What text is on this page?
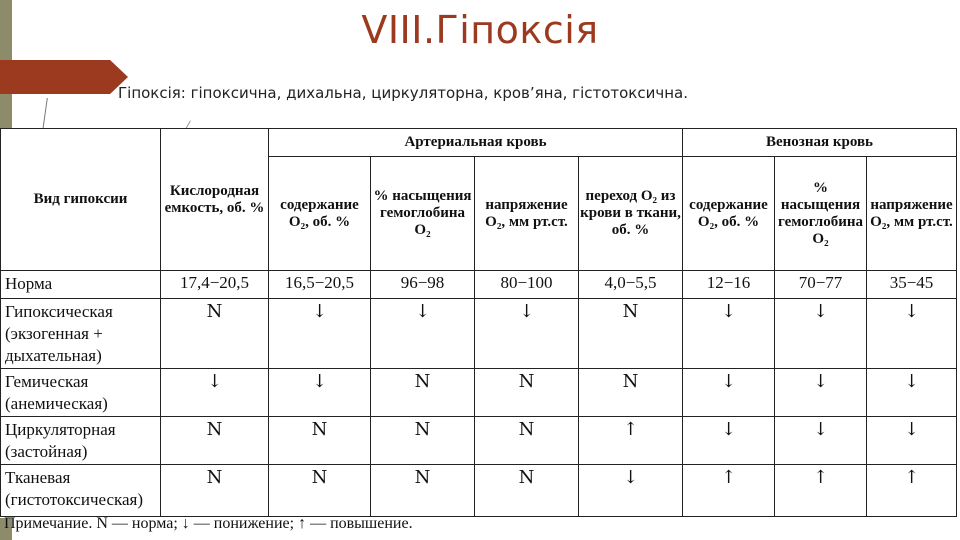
VIII.Гіпоксія
Гіпоксія: гіпоксична, дихальна, циркуляторна, кров’яна, гістотоксична.
Вид гипоксии	Кислородная емкость, об. %	Артериальная кровь				Венозная кровь		
		содержание O₂, об. %	% насыщения гемоглобина O₂	напряжение O₂, мм рт.ст.	переход O₂ из крови в ткани, об. %	содержание O₂, об. %	% насыщения гемоглобина O₂	напряжение O₂, мм рт.ст.
Норма	17,4−20,5	16,5−20,5	96−98	80−100	4,0−5,5	12−16	70−77	35−45
Гипоксическая (экзогенная + дыхательная)	N	↓	↓	↓	N	↓	↓	↓
Гемическая (анемическая)	↓	↓	N	N	N	↓	↓	↓
Циркуляторная (застойная)	N	N	N	N	↑	↓	↓	↓
Тканевая (гистотоксическая)	N	N	N	N	↓	↑	↑	↑
Примечание. N — норма; ↓ — понижение; ↑ — повышение.
